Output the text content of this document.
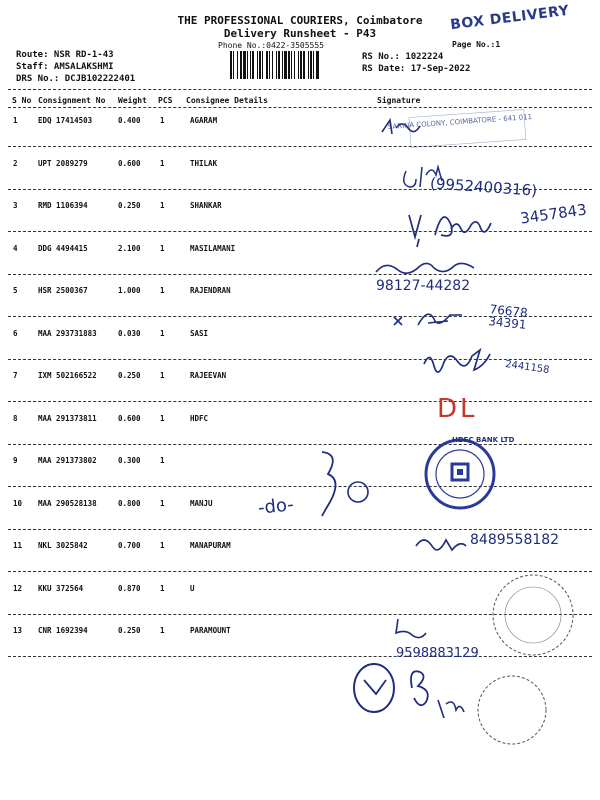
THE PROFESSIONAL COURIERS, Coimbatore
Delivery Runsheet - P43
Phone No.:0422-3505555	Page No.:1
BOX DELIVERY
Route: NSR RD-1-43
Staff: AMSALAKSHMI
DRS No.: DCJB102222401
RS No.: 1022224
RS Date: 17-Sep-2022
S No Consignment No Weight PCS Consignee Details	Signature
1	EDQ 17414503	0.400	1	AGARAM
2	UPT 2089279	0.600	1	THILAK
3	RMD 1106394	0.250	1	SHANKAR
4	DDG 4494415	2.100	1	MASILAMANI
5	HSR 2500367	1.000	1	RAJENDRAN
6	MAA 293731883	0.030	1	SASI
7	IXM 502166522	0.250	1	RAJEEVAN
8	MAA 291373811	0.600	1	HDFC
9	MAA 291373802	0.300	1
10 MAA 290528138	0.800	1	MANJU
11 NKL 3025842	0.700	1	MANAPURAM
12 KKU 372564	0.870	1	U
13 CNR 1692394	0.250	1	PARAMOUNT
SARINA COLONY, COIMBATORE - 641 011
(9952400316)
3457843
98127-44282
76678 34391
2441158
DL
HDFC BANK LTD
-do-
8489558182
9598883129
